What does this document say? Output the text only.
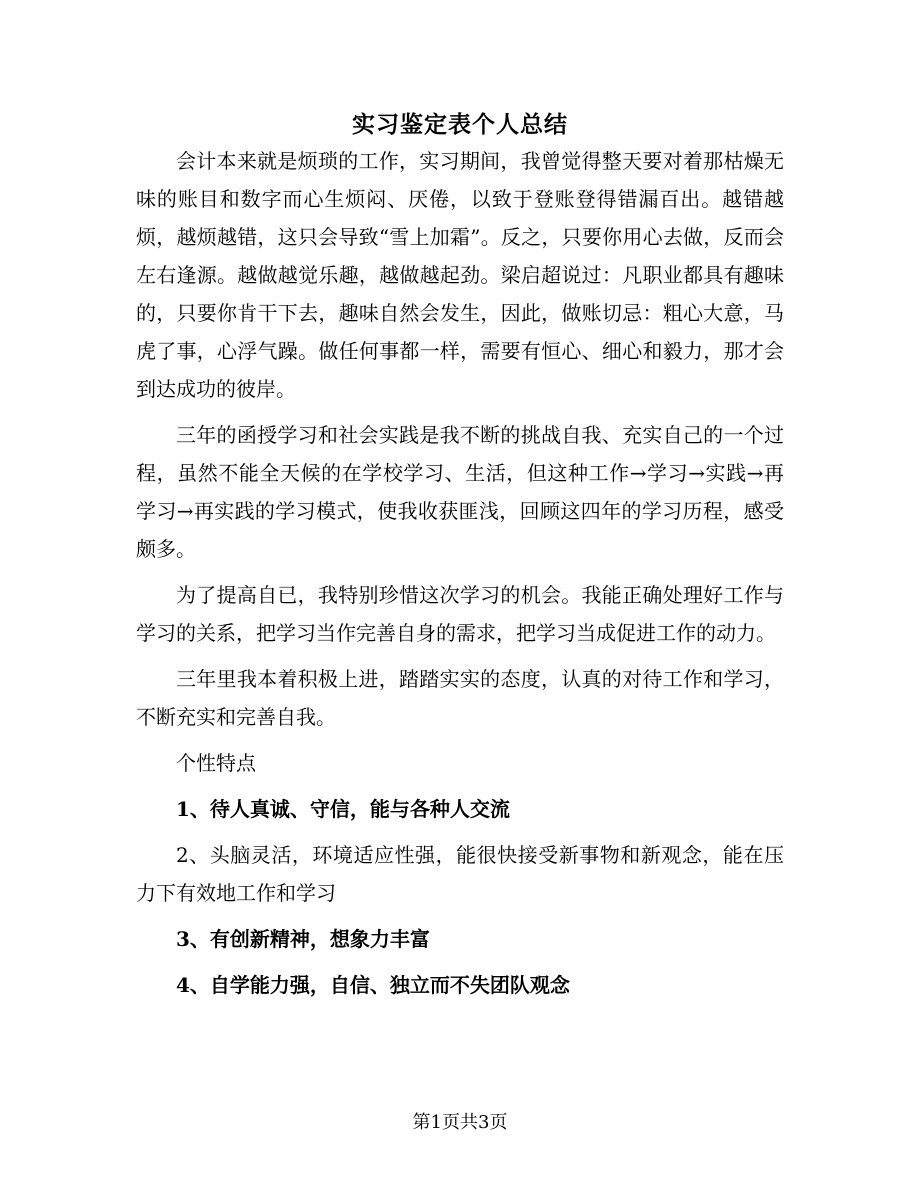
实习鉴定表个人总结

会计本来就是烦琐的工作，实习期间，我曾觉得整天要对着那枯燥无味的账目和数字而心生烦闷、厌倦，以致于登账登得错漏百出。越错越烦，越烦越错，这只会导致“雪上加霜”。反之，只要你用心去做，反而会左右逢源。越做越觉乐趣，越做越起劲。梁启超说过：凡职业都具有趣味的，只要你肯干下去，趣味自然会发生，因此，做账切忌：粗心大意，马虎了事，心浮气躁。做任何事都一样，需要有恒心、细心和毅力，那才会到达成功的彼岸。

三年的函授学习和社会实践是我不断的挑战自我、充实自己的一个过程，虽然不能全天候的在学校学习、生活，但这种工作→学习→实践→再学习→再实践的学习模式，使我收获匪浅，回顾这四年的学习历程，感受颇多。

为了提高自已，我特别珍惜这次学习的机会。我能正确处理好工作与学习的关系，把学习当作完善自身的需求，把学习当成促进工作的动力。

三年里我本着积极上进，踏踏实实的态度，认真的对待工作和学习，不断充实和完善自我。

个性特点

1、待人真诚、守信，能与各种人交流

2、头脑灵活，环境适应性强，能很快接受新事物和新观念，能在压力下有效地工作和学习

3、有创新精神，想象力丰富

4、自学能力强，自信、独立而不失团队观念

第1页共3页
